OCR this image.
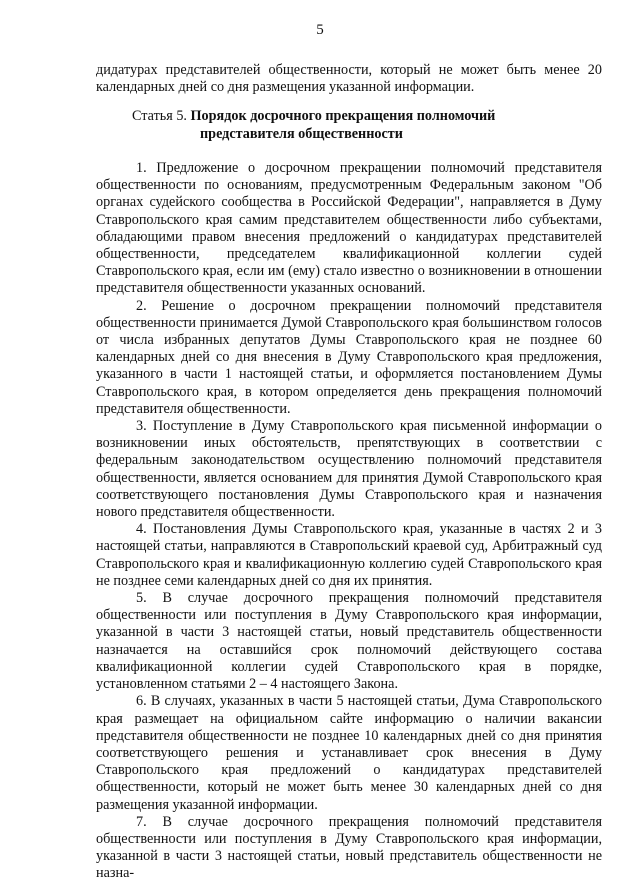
5

дидатурах представителей общественности, который не может быть менее 20 календарных дней со дня размещения указанной информации.

Статья 5. Порядок досрочного прекращения полномочий
представителя общественности

1. Предложение о досрочном прекращении полномочий представителя общественности по основаниям, предусмотренным Федеральным законом "Об органах судейского сообщества в Российской Федерации", направляется в Думу Ставропольского края самим представителем общественности либо субъектами, обладающими правом внесения предложений о кандидатурах представителей общественности, председателем квалификационной коллегии судей Ставропольского края, если им (ему) стало известно о возникновении в отношении представителя общественности указанных оснований.

2. Решение о досрочном прекращении полномочий представителя общественности принимается Думой Ставропольского края большинством голосов от числа избранных депутатов Думы Ставропольского края не позднее 60 календарных дней со дня внесения в Думу Ставропольского края предложения, указанного в части 1 настоящей статьи, и оформляется постановлением Думы Ставропольского края, в котором определяется день прекращения полномочий представителя общественности.

3. Поступление в Думу Ставропольского края письменной информации о возникновении иных обстоятельств, препятствующих в соответствии с федеральным законодательством осуществлению полномочий представителя общественности, является основанием для принятия Думой Ставропольского края соответствующего постановления Думы Ставропольского края и назначения нового представителя общественности.

4. Постановления Думы Ставропольского края, указанные в частях 2 и 3 настоящей статьи, направляются в Ставропольский краевой суд, Арбитражный суд Ставропольского края и квалификационную коллегию судей Ставропольского края не позднее семи календарных дней со дня их принятия.

5. В случае досрочного прекращения полномочий представителя общественности или поступления в Думу Ставропольского края информации, указанной в части 3 настоящей статьи, новый представитель общественности назначается на оставшийся срок полномочий действующего состава квалификационной коллегии судей Ставропольского края в порядке, установленном статьями 2 – 4 настоящего Закона.

6. В случаях, указанных в части 5 настоящей статьи, Дума Ставропольского края размещает на официальном сайте информацию о наличии вакансии представителя общественности не позднее 10 календарных дней со дня принятия соответствующего решения и устанавливает срок внесения в Думу Ставропольского края предложений о кандидатурах представителей общественности, который не может быть менее 30 календарных дней со дня размещения указанной информации.

7. В случае досрочного прекращения полномочий представителя общественности или поступления в Думу Ставропольского края информации, указанной в части 3 настоящей статьи, новый представитель общественности не назна-
